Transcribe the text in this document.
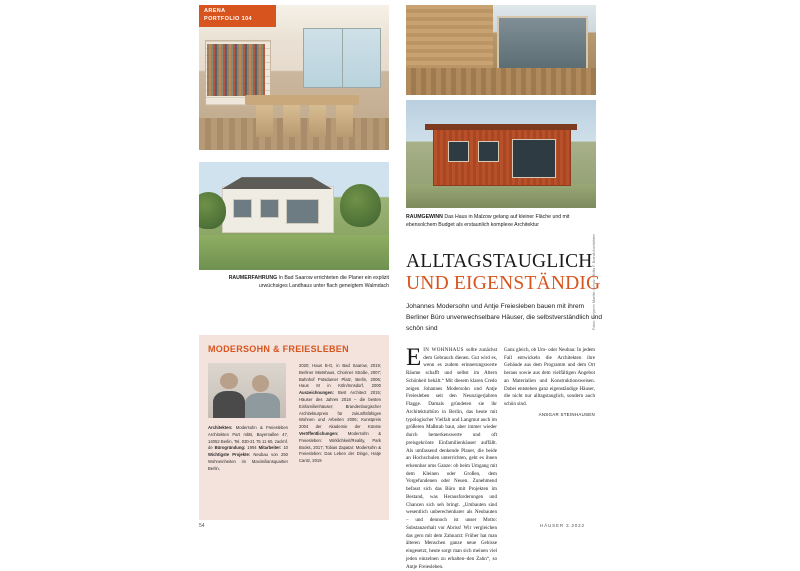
ARENA
PORTFOLIO 104
RAUMERFAHRUNG In Bad Saarow errichteten die Planer ein explizit urwüchsiges Landhaus unter flach geneigtem Walmdach
MODERSOHN & FREIESLEBEN
Architekten: Modersohn & Freiesleben Architekten Part mbB, Bayernallee 47, 14052 Berlin, Tel. 030-21 75 11 60, zaclmf. de Bürogründung: 1994 Mitarbeiter: 10 Wichtigste Projekte: Neubau von 250 Wohneinheiten im Maximiliansquartier Berlin,
2020; Haus B-G, in Bad Saarow, 2019; Berliner Mietshaus, Choriner Straße, 2007; Bahnhof Potsdamer Platz, Berlin, 2006; Haus M in Köln/Innsdorf, 2000 Auszeichnungen: Best Architect 2015; Häuser des Jahres 2018 – die besten Einfamilienhäuser; Brandenburgischer Architekturpreis für zukunftsfähiges Wohnen und Arbeiten 2006; Kunstpreis 2004 der Akademie der Künste Veröffentlichungen: Modersohn & Freiesleben: Wirklichkeit/Reality, Park Books, 2017; Tobias Zapatar: Modersohn & Freiesleben: Das Leben der Dinge, Hatje Cantz, 2019
54
RAUMGEWINN Das Haus in Malzow gelang auf kleiner Fläche und mit ebensolchem Budget als erstaunlich komplexe Architektur
ALLTAGSTAUGLICH
UND EIGENSTÄNDIG
Johannes Modersohn und Antje Freiesleben bauen mit ihrem Berliner Büro unverwechselbare Häuser, die selbstverständlich und schön sind
EIN WOHNHAUS sollte zunächst dem Gebrauch dienen. Gut wird es, wenn es zudem erinnerungswerte Räume schafft und selbst im Altern Schönheit behält.“ Mit diesem klaren Credo zeigen Johannes Modersohn und Antje Freiesleben seit den Neunzigerjahren Flagge. Damals gründeten sie ihr Architekturbüro in Berlin, das heute mit typologischer Vielfalt und Langmut auch im größeren Maßstab baut, aber immer wieder durch bemerkenswerte und oft preisgekrönte Einfamilienhäuser auffällt. Als umfassend denkende Planer, die beide an Hochschulen unterrichten, geht es ihnen erkennbar ums Ganze: ob beim Umgang mit dem Kleinen oder Großen, dem Vorgefundenen oder Neuen. Zunehmend befasst sich das Büro mit Projekten im Bestand, was Herausforderungen und Chancen sich seh bringt. „Umbauten sind wesentlich unberechenbarer als Neubauten – und dennoch ist unser Motto: Substanzerhalt vor Abriss! Wir vergleichen das gern mit dem Zahnarzt: Früher hat man älteren Menschen ganze neue Gebisse eingesetzt, heute sorgt man sich meinen viel jeden einzelnen zu erhalten–den Zahn“, so Antje Freiesleben.
Ganz gleich, ob Um- oder Neubau: In jedem Fall entwickeln die Architekten ihre Gebäude aus dem Programm und dem Ort heraus sowie aus dem vielfältigen Angebot an Materialien und Konstruktionsweisen. Dabei entstehen ganz eigenständige Häuser, die nicht nur alltagstauglich, sondern auch schön sind.
ANSGAR STEINHAUSEN
Fotos: Benjamin Mueller-Schulz / Britta F. Brandt Architekten
HÄUSER 3.2022
